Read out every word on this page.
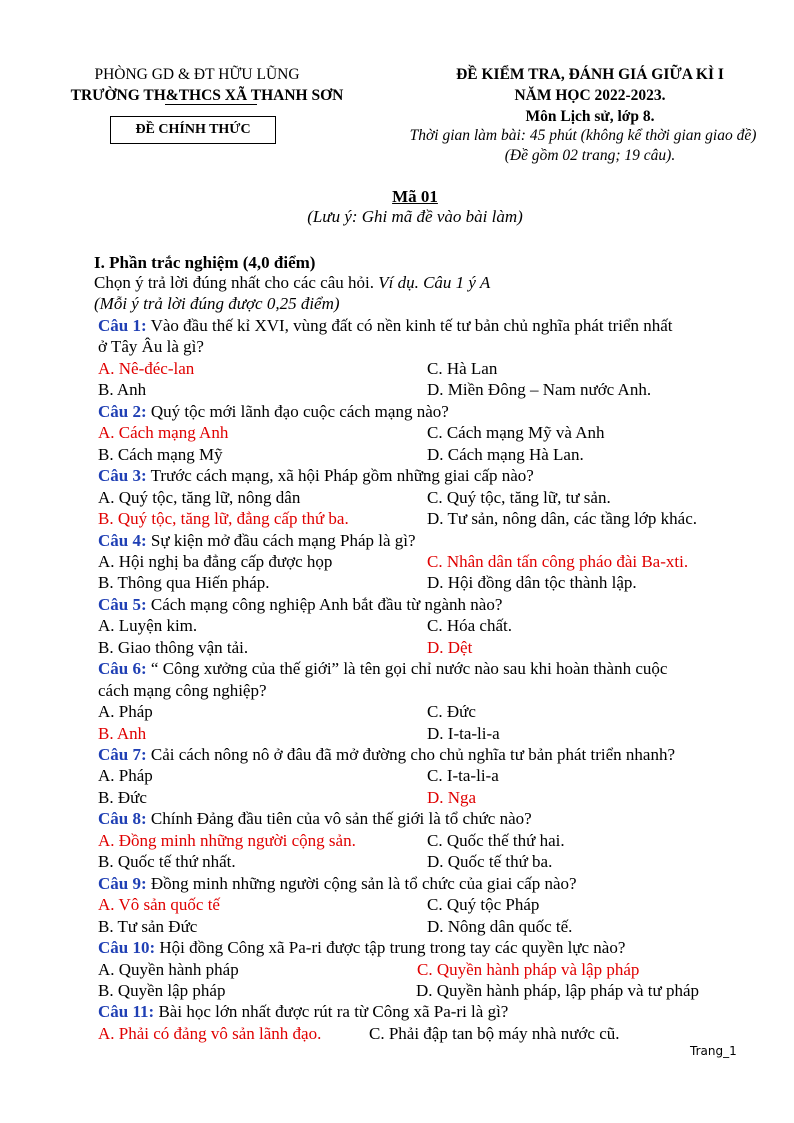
PHÒNG GD & ĐT HỮU LŨNG
TRƯỜNG TH&THCS XÃ THANH SƠN
ĐỀ CHÍNH THỨC
ĐỀ KIỂM TRA, ĐÁNH GIÁ GIỮA KÌ I
NĂM HỌC 2022-2023.
Môn Lịch sử, lớp 8.
Thời gian làm bài: 45 phút (không kể thời gian giao đề)
(Đề gồm 02 trang; 19 câu).
Mã 01
(Lưu ý: Ghi mã đề vào bài làm)
I. Phần trắc nghiệm (4,0 điểm)
Chọn ý trả lời đúng nhất cho các câu hỏi. Ví dụ. Câu 1 ý A
(Mỗi ý trả lời đúng được 0,25 điểm)
Câu 1: Vào đầu thế kỉ XVI, vùng đất có nền kinh tế tư bản chủ nghĩa phát triển nhất
ở Tây Âu là gì?
A. Nê-đéc-lan
B. Anh
C. Hà Lan
D. Miền Đông – Nam nước Anh.
Câu 2: Quý tộc mới lãnh đạo cuộc cách mạng nào?
A. Cách mạng Anh
B. Cách mạng Mỹ
C. Cách mạng Mỹ và Anh
D. Cách mạng Hà Lan.
Câu 3: Trước cách mạng, xã hội Pháp gồm những giai cấp nào?
A. Quý tộc, tăng lữ, nông dân
B. Quý tộc, tăng lữ, đẳng cấp thứ ba.
C. Quý tộc, tăng lữ, tư sản.
D. Tư sản, nông dân, các tầng lớp khác.
Câu 4: Sự kiện mở đầu cách mạng Pháp là gì?
A. Hội nghị ba đẳng cấp được họp
B. Thông qua Hiến pháp.
C. Nhân dân tấn công pháo đài Ba-xti.
D. Hội đồng dân tộc thành lập.
Câu 5: Cách mạng công nghiệp Anh bắt đầu từ ngành nào?
A. Luyện kim.
B. Giao thông vận tải.
C. Hóa chất.
D. Dệt
Câu 6: “ Công xưởng của thế giới” là tên gọi chỉ nước nào sau khi hoàn thành cuộc
cách mạng công nghiệp?
A. Pháp
B. Anh
C. Đức
D. I-ta-li-a
Câu 7: Cải cách nông nô ở đâu đã mở đường cho chủ nghĩa tư bản phát triển nhanh?
A. Pháp
B. Đức
C. I-ta-li-a
D. Nga
Câu 8: Chính Đảng đầu tiên của vô sản thế giới là tổ chức nào?
A. Đồng minh những người cộng sản.
B. Quốc tế thứ nhất.
C. Quốc thế thứ hai.
D. Quốc tế thứ ba.
Câu 9: Đồng minh những người cộng sản là tổ chức của giai cấp nào?
A. Vô sản quốc tế
B. Tư sản Đức
C. Quý tộc Pháp
D. Nông dân quốc tế.
Câu 10: Hội đồng Công xã Pa-ri được tập trung trong tay các quyền lực nào?
A. Quyền hành pháp
B. Quyền lập pháp
C. Quyền hành pháp và lập pháp
D. Quyền hành pháp, lập pháp và tư pháp
Câu 11: Bài học lớn nhất được rút ra từ Công xã Pa-ri là gì?
A. Phải có đảng vô sản lãnh đạo.	C. Phải đập tan bộ máy nhà nước cũ.
Trang_1
